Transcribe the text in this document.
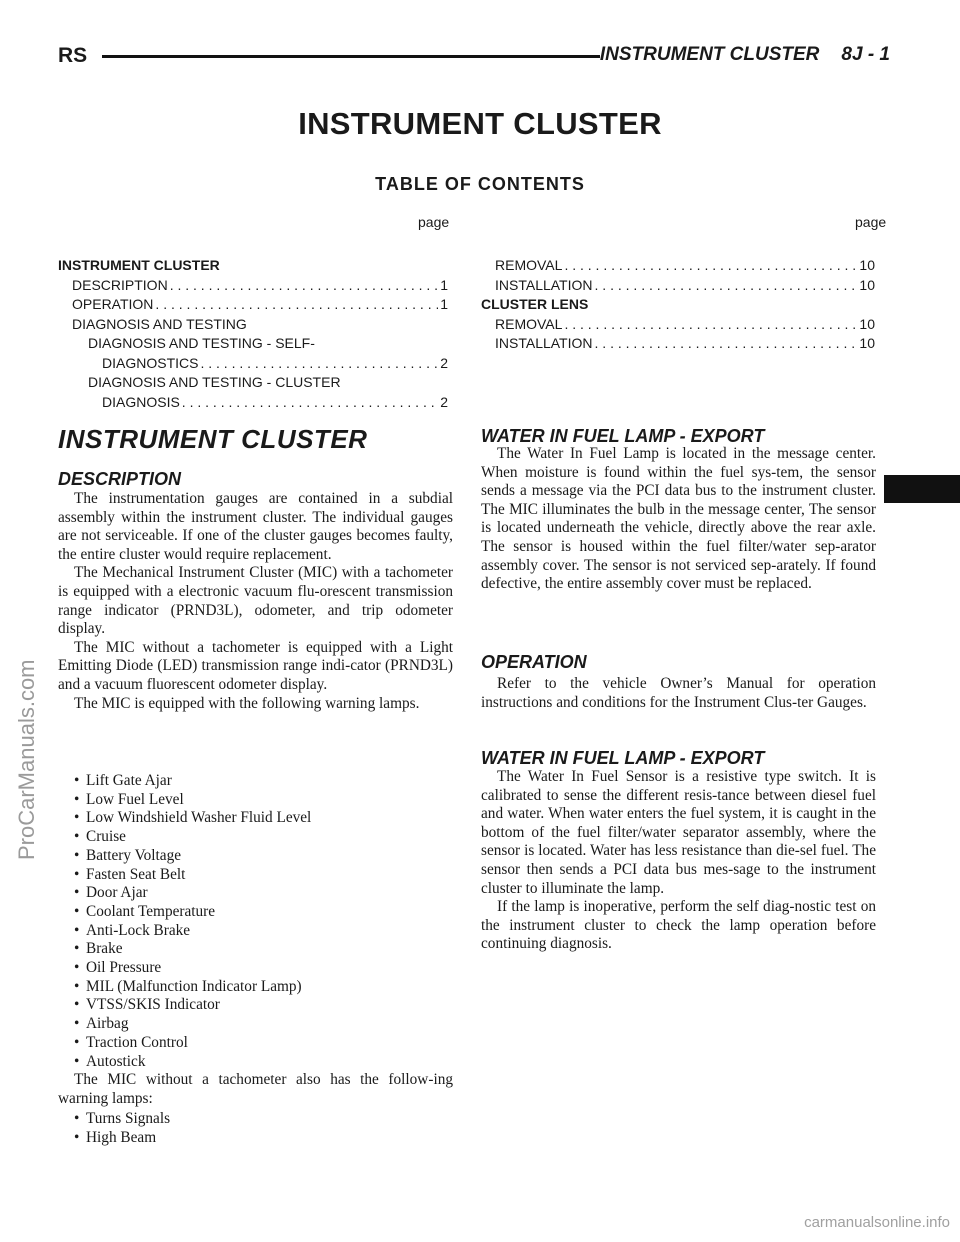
RS	INSTRUMENT CLUSTER 8J - 1
INSTRUMENT CLUSTER
TABLE OF CONTENTS
page	page
INSTRUMENT CLUSTER
DESCRIPTION . . .	1
OPERATION . . .	1
DIAGNOSIS AND TESTING
DIAGNOSIS AND TESTING - SELF-
DIAGNOSTICS . . .	2
DIAGNOSIS AND TESTING - CLUSTER
DIAGNOSIS . . .	2
REMOVAL . . .	10
INSTALLATION . . .	10
CLUSTER LENS
REMOVAL . . .	10
INSTALLATION . . .	10
INSTRUMENT CLUSTER
DESCRIPTION
The instrumentation gauges are contained in a subdial assembly within the instrument cluster. The individual gauges are not serviceable. If one of the cluster gauges becomes faulty, the entire cluster would require replacement.
The Mechanical Instrument Cluster (MIC) with a tachometer is equipped with a electronic vacuum flu-orescent transmission range indicator (PRND3L), odometer, and trip odometer display.
The MIC without a tachometer is equipped with a Light Emitting Diode (LED) transmission range indi-cator (PRND3L) and a vacuum fluorescent odometer display.
The MIC is equipped with the following warning lamps.
• Lift Gate Ajar
• Low Fuel Level
• Low Windshield Washer Fluid Level
• Cruise
• Battery Voltage
• Fasten Seat Belt
• Door Ajar
• Coolant Temperature
• Anti-Lock Brake
• Brake
• Oil Pressure
• MIL (Malfunction Indicator Lamp)
• VTSS/SKIS Indicator
• Airbag
• Traction Control
• Autostick
The MIC without a tachometer also has the follow-ing warning lamps:
• Turns Signals
• High Beam
WATER IN FUEL LAMP - EXPORT
The Water In Fuel Lamp is located in the message center. When moisture is found within the fuel sys-tem, the sensor sends a message via the PCI data bus to the instrument cluster. The MIC illuminates the bulb in the message center, The sensor is located underneath the vehicle, directly above the rear axle. The sensor is housed within the fuel filter/water sep-arator assembly cover. The sensor is not serviced sep-arately. If found defective, the entire assembly cover must be replaced.
OPERATION
Refer to the vehicle Owner’s Manual for operation instructions and conditions for the Instrument Clus-ter Gauges.
WATER IN FUEL LAMP - EXPORT
The Water In Fuel Sensor is a resistive type switch. It is calibrated to sense the different resis-tance between diesel fuel and water. When water enters the fuel system, it is caught in the bottom of the fuel filter/water separator assembly, where the sensor is located. Water has less resistance than die-sel fuel. The sensor then sends a PCI data bus mes-sage to the instrument cluster to illuminate the lamp.
If the lamp is inoperative, perform the self diag-nostic test on the instrument cluster to check the lamp operation before continuing diagnosis.
ProCarManuals.com
carmanualsonline.info
